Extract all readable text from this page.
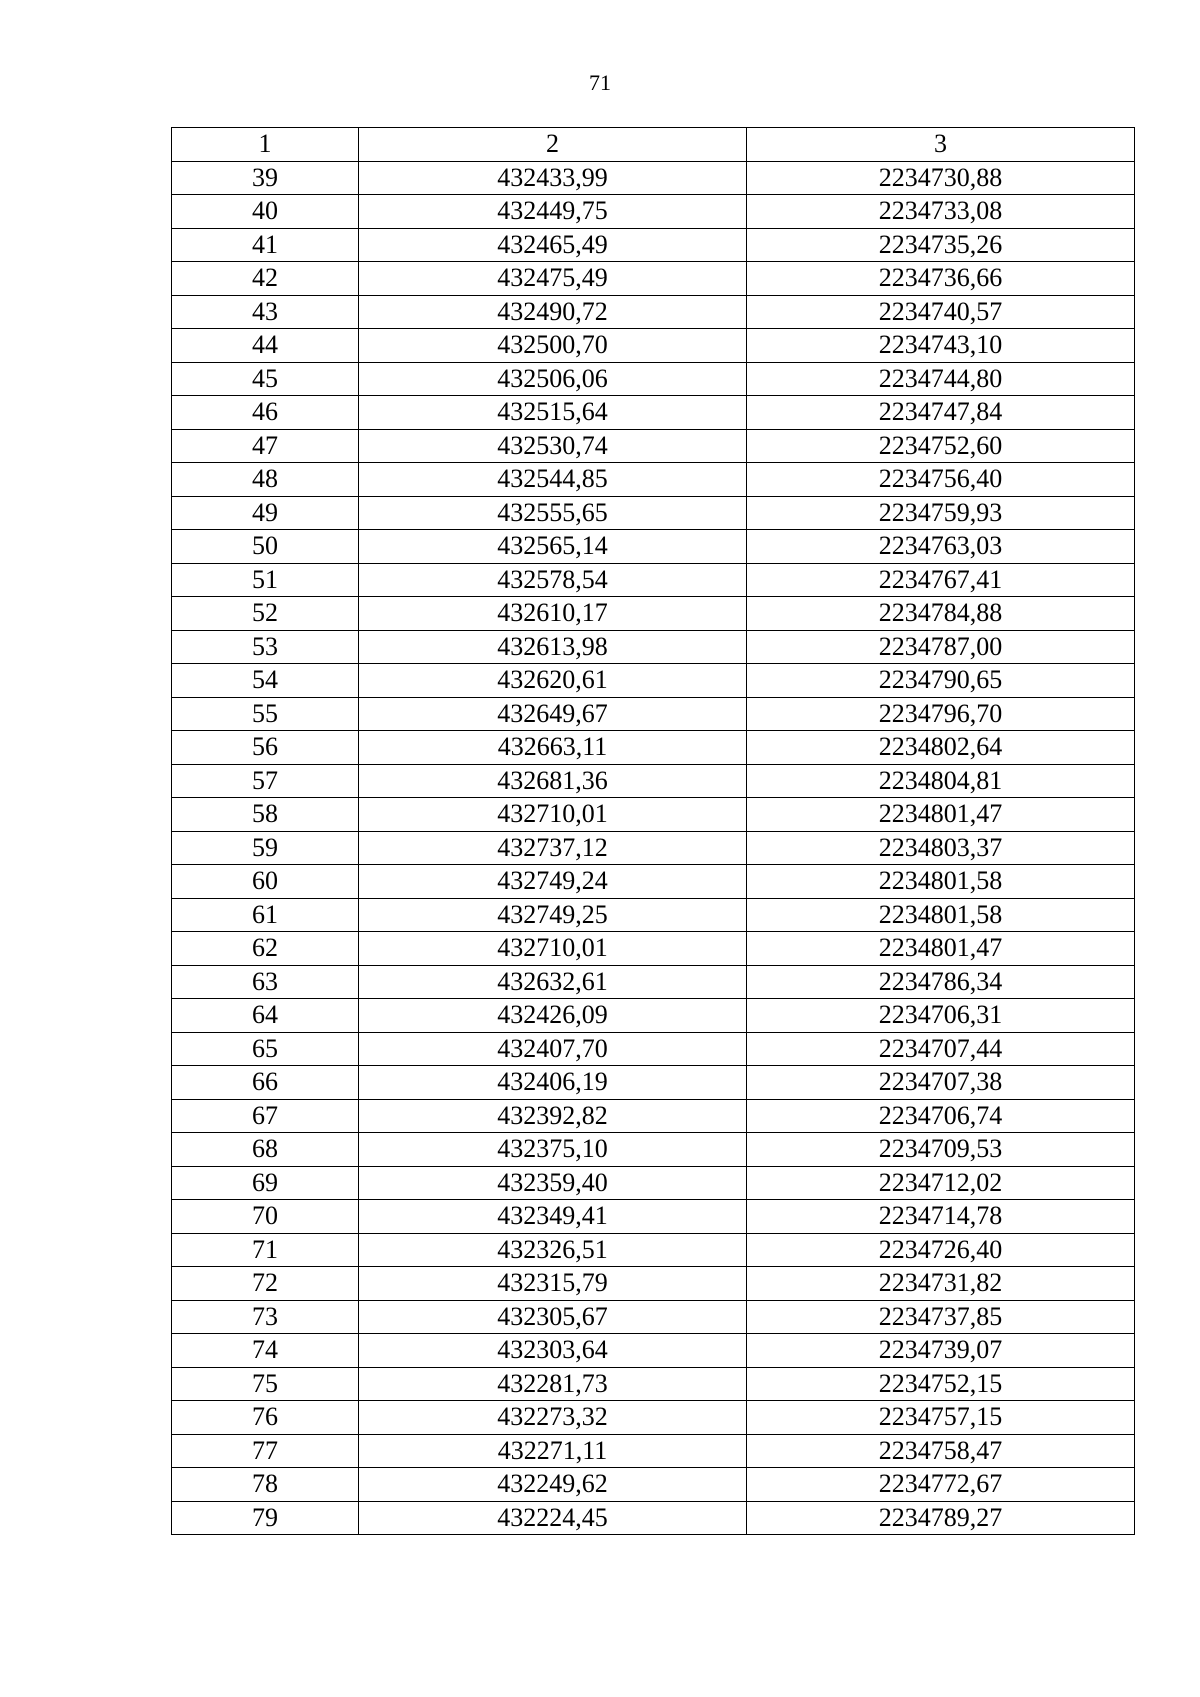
71
1	2	3
39	432433,99	2234730,88
40	432449,75	2234733,08
41	432465,49	2234735,26
42	432475,49	2234736,66
43	432490,72	2234740,57
44	432500,70	2234743,10
45	432506,06	2234744,80
46	432515,64	2234747,84
47	432530,74	2234752,60
48	432544,85	2234756,40
49	432555,65	2234759,93
50	432565,14	2234763,03
51	432578,54	2234767,41
52	432610,17	2234784,88
53	432613,98	2234787,00
54	432620,61	2234790,65
55	432649,67	2234796,70
56	432663,11	2234802,64
57	432681,36	2234804,81
58	432710,01	2234801,47
59	432737,12	2234803,37
60	432749,24	2234801,58
61	432749,25	2234801,58
62	432710,01	2234801,47
63	432632,61	2234786,34
64	432426,09	2234706,31
65	432407,70	2234707,44
66	432406,19	2234707,38
67	432392,82	2234706,74
68	432375,10	2234709,53
69	432359,40	2234712,02
70	432349,41	2234714,78
71	432326,51	2234726,40
72	432315,79	2234731,82
73	432305,67	2234737,85
74	432303,64	2234739,07
75	432281,73	2234752,15
76	432273,32	2234757,15
77	432271,11	2234758,47
78	432249,62	2234772,67
79	432224,45	2234789,27
